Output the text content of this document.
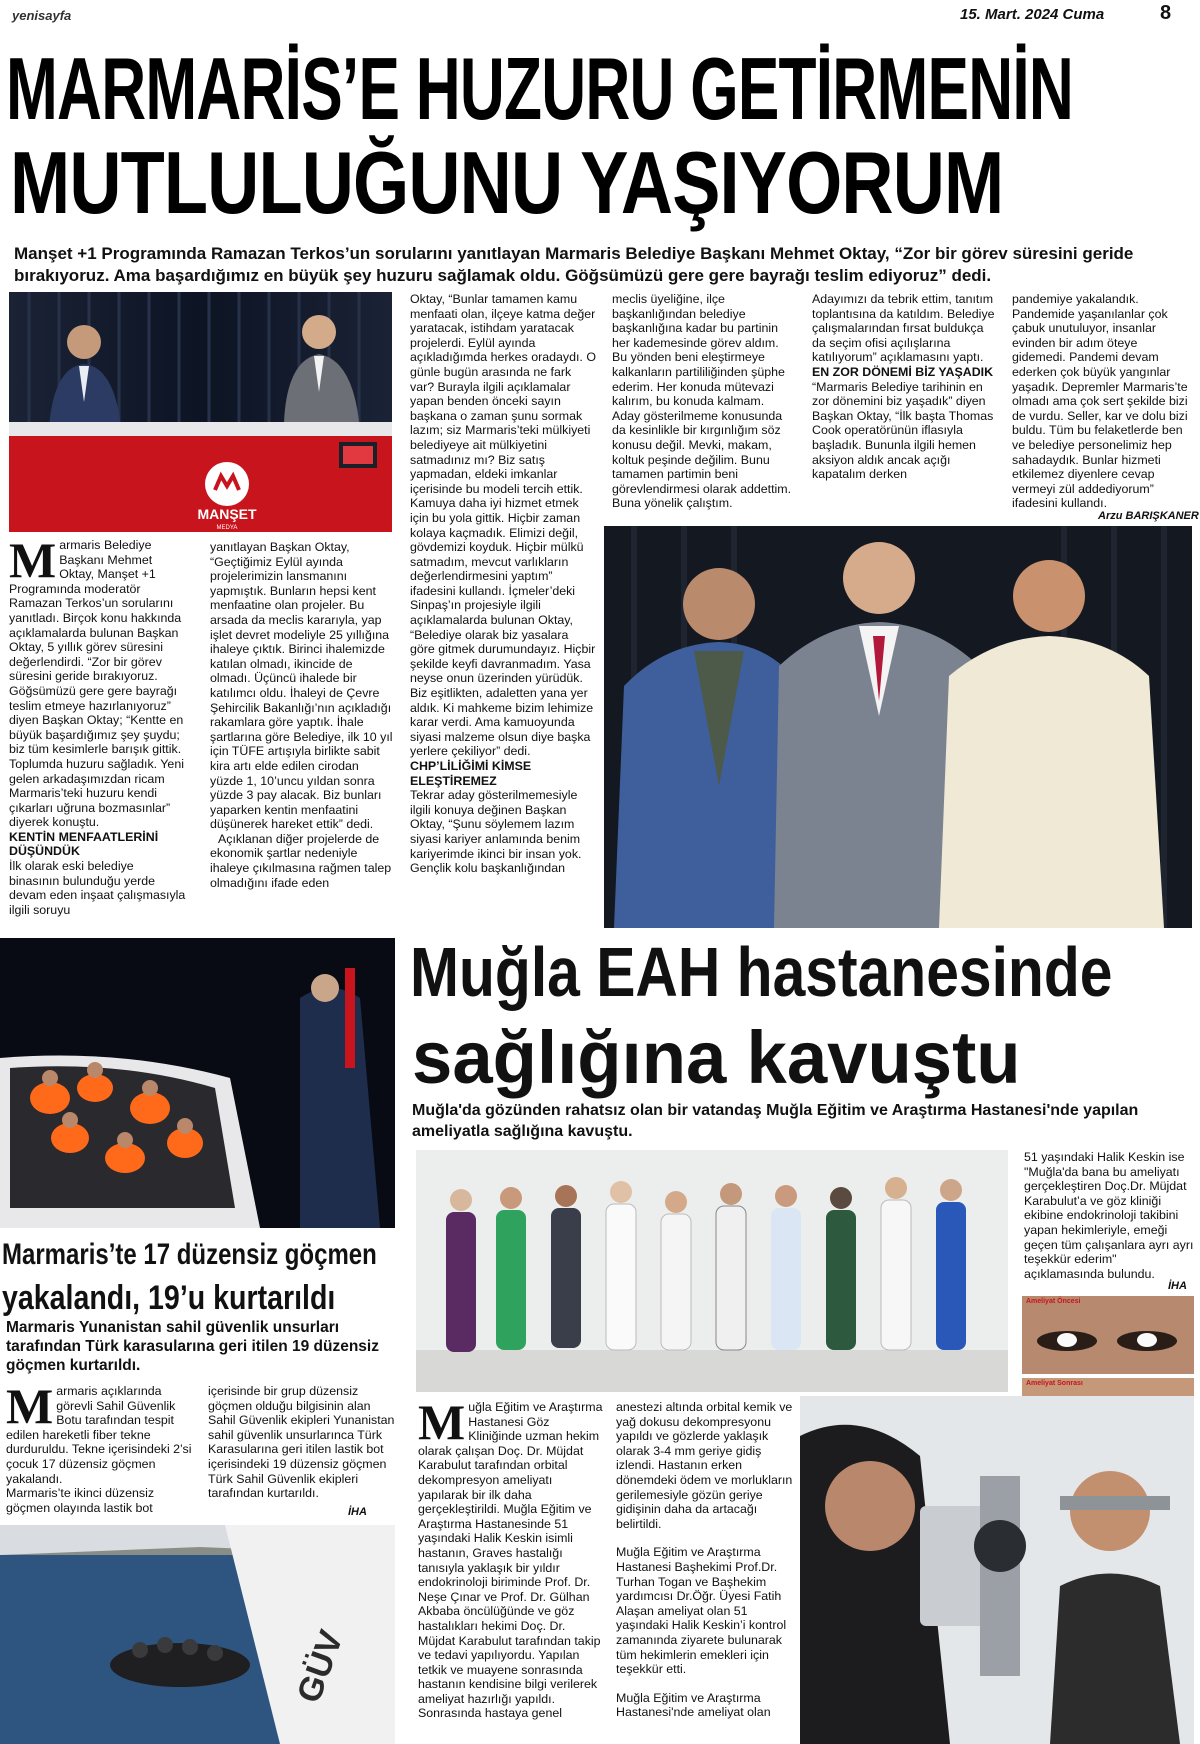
yenisayfa	15. Mart. 2024 Cuma	8
MARMARİS’E HUZURU GETİRMENİN
MUTLULUĞUNU YAŞIYORUM
Manşet +1 Programında Ramazan Terkos’un sorularını yanıtlayan Marmaris Belediye Başkanı Mehmet Oktay, “Zor bir görev süresini geride bırakıyoruz. Ama başardığımız en büyük şey huzuru sağlamak oldu. Göğsümüzü gere gere bayrağı teslim ediyoruz” dedi.
MANŞET
MEDYA
M armaris Belediye Başkanı Mehmet Oktay, Manşet +1 Programında moderatör Ramazan Terkos’un sorularını yanıtladı. Birçok konu hakkında açıklamalarda bulunan Başkan Oktay, 5 yıllık görev süresini değerlendirdi. “Zor bir görev süresini geride bırakıyoruz. Göğsümüzü gere gere bayrağı teslim etmeye hazırlanıyoruz” diyen Başkan Oktay; “Kentte en büyük başardığımız şey şuydu; biz tüm kesimlerle barışık gittik. Toplumda huzuru sağladık. Yeni gelen arkadaşımızdan ricam Marmaris’teki huzuru kendi çıkarları uğruna bozmasınlar” diyerek konuştu.

KENTİN MENFAATLERİNİ DÜŞÜNDÜK

İlk olarak eski belediye binasının bulunduğu yerde devam eden inşaat çalışmasıyla ilgili soruyu

yanıtlayan Başkan Oktay, “Geçtiğimiz Eylül ayında projelerimizin lansmanını yapmıştık. Bunların hepsi kent menfaatine olan projeler. Bu arsada da meclis kararıyla, yap işlet devret modeliyle 25 yıllığına ihaleye çıktık. Birinci ihalemizde katılan olmadı, ikincide de olmadı. Üçüncü ihalede bir katılımcı oldu. İhaleyi de Çevre Şehircilik Bakanlığı’nın açıkladığı rakamlara göre yaptık. İhale şartlarına göre Belediye, ilk 10 yıl için TÜFE artışıyla birlikte sabit kira artı elde edilen cirodan yüzde 1, 10’uncu yıldan sonra yüzde 3 pay alacak. Biz bunları yaparken kentin menfaatini düşünerek hareket ettik” dedi.

Açıklanan diğer projelerde de ekonomik şartlar nedeniyle ihaleye çıkılmasına rağmen talep olmadığını ifade eden

Oktay, “Bunlar tamamen kamu menfaati olan, ilçeye katma değer yaratacak, istihdam yaratacak projelerdi. Eylül ayında açıkladığımda herkes oradaydı. O günle bugün arasında ne fark var? Burayla ilgili açıklamalar yapan benden önceki sayın başkana o zaman şunu sormak lazım; siz Marmaris’teki mülkiyeti belediyeye ait mülkiyetini satmadınız mı? Biz satış yapmadan, eldeki imkanlar içerisinde bu modeli tercih ettik. Kamuya daha iyi hizmet etmek için bu yola gittik. Hiçbir zaman kolaya kaçmadık. Elimizi değil, gövdemizi koyduk. Hiçbir mülkü satmadım, mevcut varlıkların değerlendirmesini yaptım” ifadesini kullandı. İçmeler’deki Sinpaş’ın projesiyle ilgili açıklamalarda bulunan Oktay, “Belediye olarak biz yasalara göre gitmek durumundayız. Hiçbir şekilde keyfi davranmadım. Yasa neyse onun üzerinden yürüdük. Biz eşitlikten, adaletten yana yer aldık. Ki mahkeme bizim lehimize karar verdi. Ama kamuoyunda siyasi malzeme olsun diye başka yerlere çekiliyor” dedi.

CHP’LİLİĞİMİ KİMSE ELEŞTİREMEZ

Tekrar aday gösterilmemesiyle ilgili konuya değinen Başkan Oktay, “Şunu söylemem lazım siyasi kariyer anlamında benim kariyerimde ikinci bir insan yok. Gençlik kolu başkanlığından

meclis üyeliğine, ilçe başkanlığından belediye başkanlığına kadar bu partinin her kademesinde görev aldım. Bu yönden beni eleştirmeye kalkanların partililiğinden şüphe ederim. Her konuda mütevazi kalırım, bu konuda kalmam. Aday gösterilmeme konusunda da kesinlikle bir kırgınlığım söz konusu değil. Mevki, makam, koltuk peşinde değilim. Bunu tamamen partimin beni görevlendirmesi olarak addettim. Buna yönelik çalıştım.

Adayımızı da tebrik ettim, tanıtım toplantısına da katıldım. Belediye çalışmalarından fırsat buldukça da seçim ofisi açılışlarına katılıyorum” açıklamasını yaptı.

EN ZOR DÖNEMİ BİZ YAŞADIK

“Marmaris Belediye tarihinin en zor dönemini biz yaşadık” diyen Başkan Oktay, “İlk başta Thomas Cook operatörünün iflasıyla başladık. Bununla ilgili hemen aksiyon aldık ancak açığı kapatalım derken

pandemiye yakalandık. Pandemide yaşanılanlar çok çabuk unutuluyor, insanlar evinden bir adım öteye gidemedi. Pandemi devam ederken çok büyük yangınlar yaşadık. Depremler Marmaris’te olmadı ama çok sert şekilde bizi de vurdu. Seller, kar ve dolu bizi buldu. Tüm bu felaketlerde ben ve belediye personelimiz hep sahadaydık. Bunlar hizmeti etkilemez diyenlere cevap vermeyi zül addediyorum” ifadesini kullandı.

Arzu BARIŞKANER
Marmaris’te 17 düzensiz göçmen
yakalandı, 19’u kurtarıldı
Marmaris Yunanistan sahil güvenlik unsurları tarafından Türk karasularına geri itilen 19 düzensiz göçmen kurtarıldı.
M armaris açıklarında görevli Sahil Güvenlik Botu tarafından tespit edilen hareketli fiber tekne durduruldu. Tekne içerisindeki 2’si çocuk 17 düzensiz göçmen yakalandı.

Marmaris’te ikinci düzensiz göçmen olayında lastik bot

içerisinde bir grup düzensiz göçmen olduğu bilgisinin alan Sahil Güvenlik ekipleri Yunanistan sahil güvenlik unsurlarınca Türk Karasularına geri itilen lastik bot içerisindeki 19 düzensiz göçmen Türk Sahil Güvenlik ekipleri tarafından kurtarıldı.

İHA
GÜV
Muğla EAH hastanesinde
sağlığına kavuştu
Muğla'da gözünden rahatsız olan bir vatandaş Muğla Eğitim ve Araştırma Hastanesi'nde yapılan ameliyatla sağlığına kavuştu.

51 yaşındaki Halik Keskin ise "Muğla'da bana bu ameliyatı gerçekleştiren Doç.Dr. Müjdat Karabulut’a ve göz kliniği ekibine endokrinoloji takibini yapan hekimleriyle, emeği geçen tüm çalışanlara ayrı ayrı teşekkür ederim" açıklamasında bulundu.

İHA
Ameliyat Öncesi
Ameliyat Sonrası
M uğla Eğitim ve Araştırma Hastanesi Göz Kliniğinde uzman hekim olarak çalışan Doç. Dr. Müjdat Karabulut tarafından orbital dekompresyon ameliyatı yapılarak bir ilk daha gerçekleştirildi. Muğla Eğitim ve Araştırma Hastanesinde 51 yaşındaki Halik Keskin isimli hastanın, Graves hastalığı tanısıyla yaklaşık bir yıldır endokrinoloji biriminde Prof. Dr. Neşe Çınar ve Prof. Dr. Gülhan Akbaba öncülüğünde ve göz hastalıkları hekimi Doç. Dr. Müjdat Karabulut tarafından takip ve tedavi yapılıyordu. Yapılan tetkik ve muayene sonrasında hastanın kendisine bilgi verilerek ameliyat hazırlığı yapıldı. Sonrasında hastaya genel

anestezi altında orbital kemik ve yağ dokusu dekompresyonu yapıldı ve gözlerde yaklaşık olarak 3-4 mm geriye gidiş izlendi. Hastanın erken dönemdeki ödem ve morlukların gerilemesiyle gözün geriye gidişinin daha da artacağı belirtildi.

Muğla Eğitim ve Araştırma Hastanesi Başhekimi Prof.Dr. Turhan Togan ve Başhekim yardımcısı Dr.Öğr. Üyesi Fatih Alaşan ameliyat olan 51 yaşındaki Halik Keskin’i kontrol zamanında ziyarete bulunarak tüm hekimlerin emekleri için teşekkür etti.

Muğla Eğitim ve Araştırma Hastanesi'nde ameliyat olan
